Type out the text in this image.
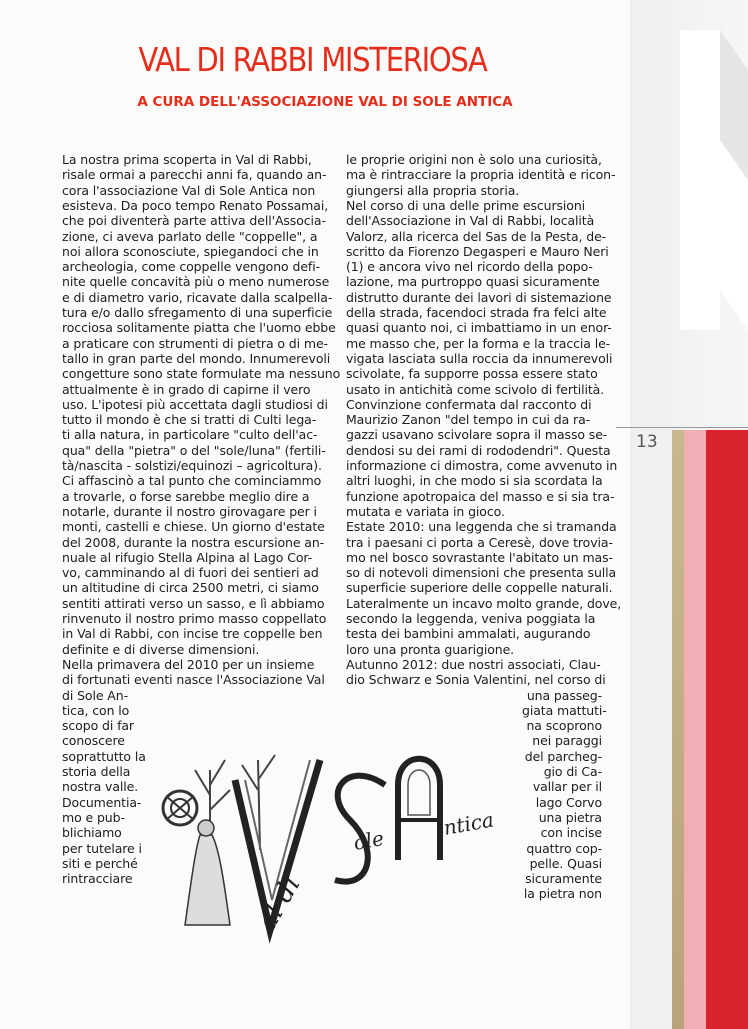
13
VAL DI RABBI MISTERIOSA
A CURA DELL'ASSOCIAZIONE VAL DI SOLE ANTICA
La nostra prima scoperta in Val di Rabbi,
risale ormai a parecchi anni fa, quando an-
cora l'associazione Val di Sole Antica non
esisteva. Da poco tempo Renato Possamai,
che poi diventerà parte attiva dell'Associa-
zione, ci aveva parlato delle "coppelle", a
noi allora sconosciute, spiegandoci che in
archeologia, come coppelle vengono defi-
nite quelle concavità più o meno numerose
e di diametro vario, ricavate dalla scalpella-
tura e/o dallo sfregamento di una superficie
rocciosa solitamente piatta che l'uomo ebbe
a praticare con strumenti di pietra o di me-
tallo in gran parte del mondo. Innumerevoli
congetture sono state formulate ma nessuno
attualmente è in grado di capirne il vero
uso. L'ipotesi più accettata dagli studiosi di
tutto il mondo è che si tratti di Culti lega-
ti alla natura, in particolare "culto dell'ac-
qua" della "pietra" o del "sole/luna" (fertili-
tà/nascita - solstizi/equinozi – agricoltura).
Ci affascinò a tal punto che cominciammo
a trovarle, o forse sarebbe meglio dire a
notarle, durante il nostro girovagare per i
monti, castelli e chiese. Un giorno d'estate
del 2008, durante la nostra escursione an-
nuale al rifugio Stella Alpina al Lago Cor-
vo, camminando al di fuori dei sentieri ad
un altitudine di circa 2500 metri, ci siamo
sentiti attirati verso un sasso, e lì abbiamo
rinvenuto il nostro primo masso coppellato
in Val di Rabbi, con incise tre coppelle ben
definite e di diverse dimensioni.
Nella primavera del 2010 per un insieme
di fortunati eventi nasce l'Associazione Val
di Sole An-
tica, con lo
scopo di far
conoscere
soprattutto la
storia della
nostra valle.
Documentia-
mo e pub-
blichiamo
per tutelare i
siti e perché
rintracciare
le proprie origini non è solo una curiosità,
ma è rintracciare la propria identità e ricon-
giungersi alla propria storia.
Nel corso di una delle prime escursioni
dell'Associazione in Val di Rabbi, località
Valorz, alla ricerca del Sas de la Pesta, de-
scritto da Fiorenzo Degasperi e Mauro Neri
(1) e ancora vivo nel ricordo della popo-
lazione, ma purtroppo quasi sicuramente
distrutto durante dei lavori di sistemazione
della strada, facendoci strada fra felci alte
quasi quanto noi, ci imbattiamo in un enor-
me masso che, per la forma e la traccia le-
vigata lasciata sulla roccia da innumerevoli
scivolate, fa supporre possa essere stato
usato in antichità come scivolo di fertilità.
Convinzione confermata dal racconto di
Maurizio Zanon "del tempo in cui da ra-
gazzi usavano scivolare sopra il masso se-
dendosi su dei rami di rododendri". Questa
informazione ci dimostra, come avvenuto in
altri luoghi, in che modo si sia scordata la
funzione apotropaica del masso e si sia tra-
mutata e variata in gioco.
Estate 2010: una leggenda che si tramanda
tra i paesani ci porta a Ceresè, dove trovia-
mo nel bosco sovrastante l'abitato un mas-
so di notevoli dimensioni che presenta sulla
superficie superiore delle coppelle naturali.
Lateralmente un incavo molto grande, dove,
secondo la leggenda, veniva poggiata la
testa dei bambini ammalati, augurando
loro una pronta guarigione.
Autunno 2012: due nostri associati, Clau-
dio Schwarz e Sonia Valentini, nel corso di
una passeg-
giata mattuti-
na scoprono
nei paraggi
del parcheg-
gio di Ca-
vallar per il
lago Corvo
una pietra
con incise
quattro cop-
pelle. Quasi
sicuramente
la pietra non
al di
ole
ntica
